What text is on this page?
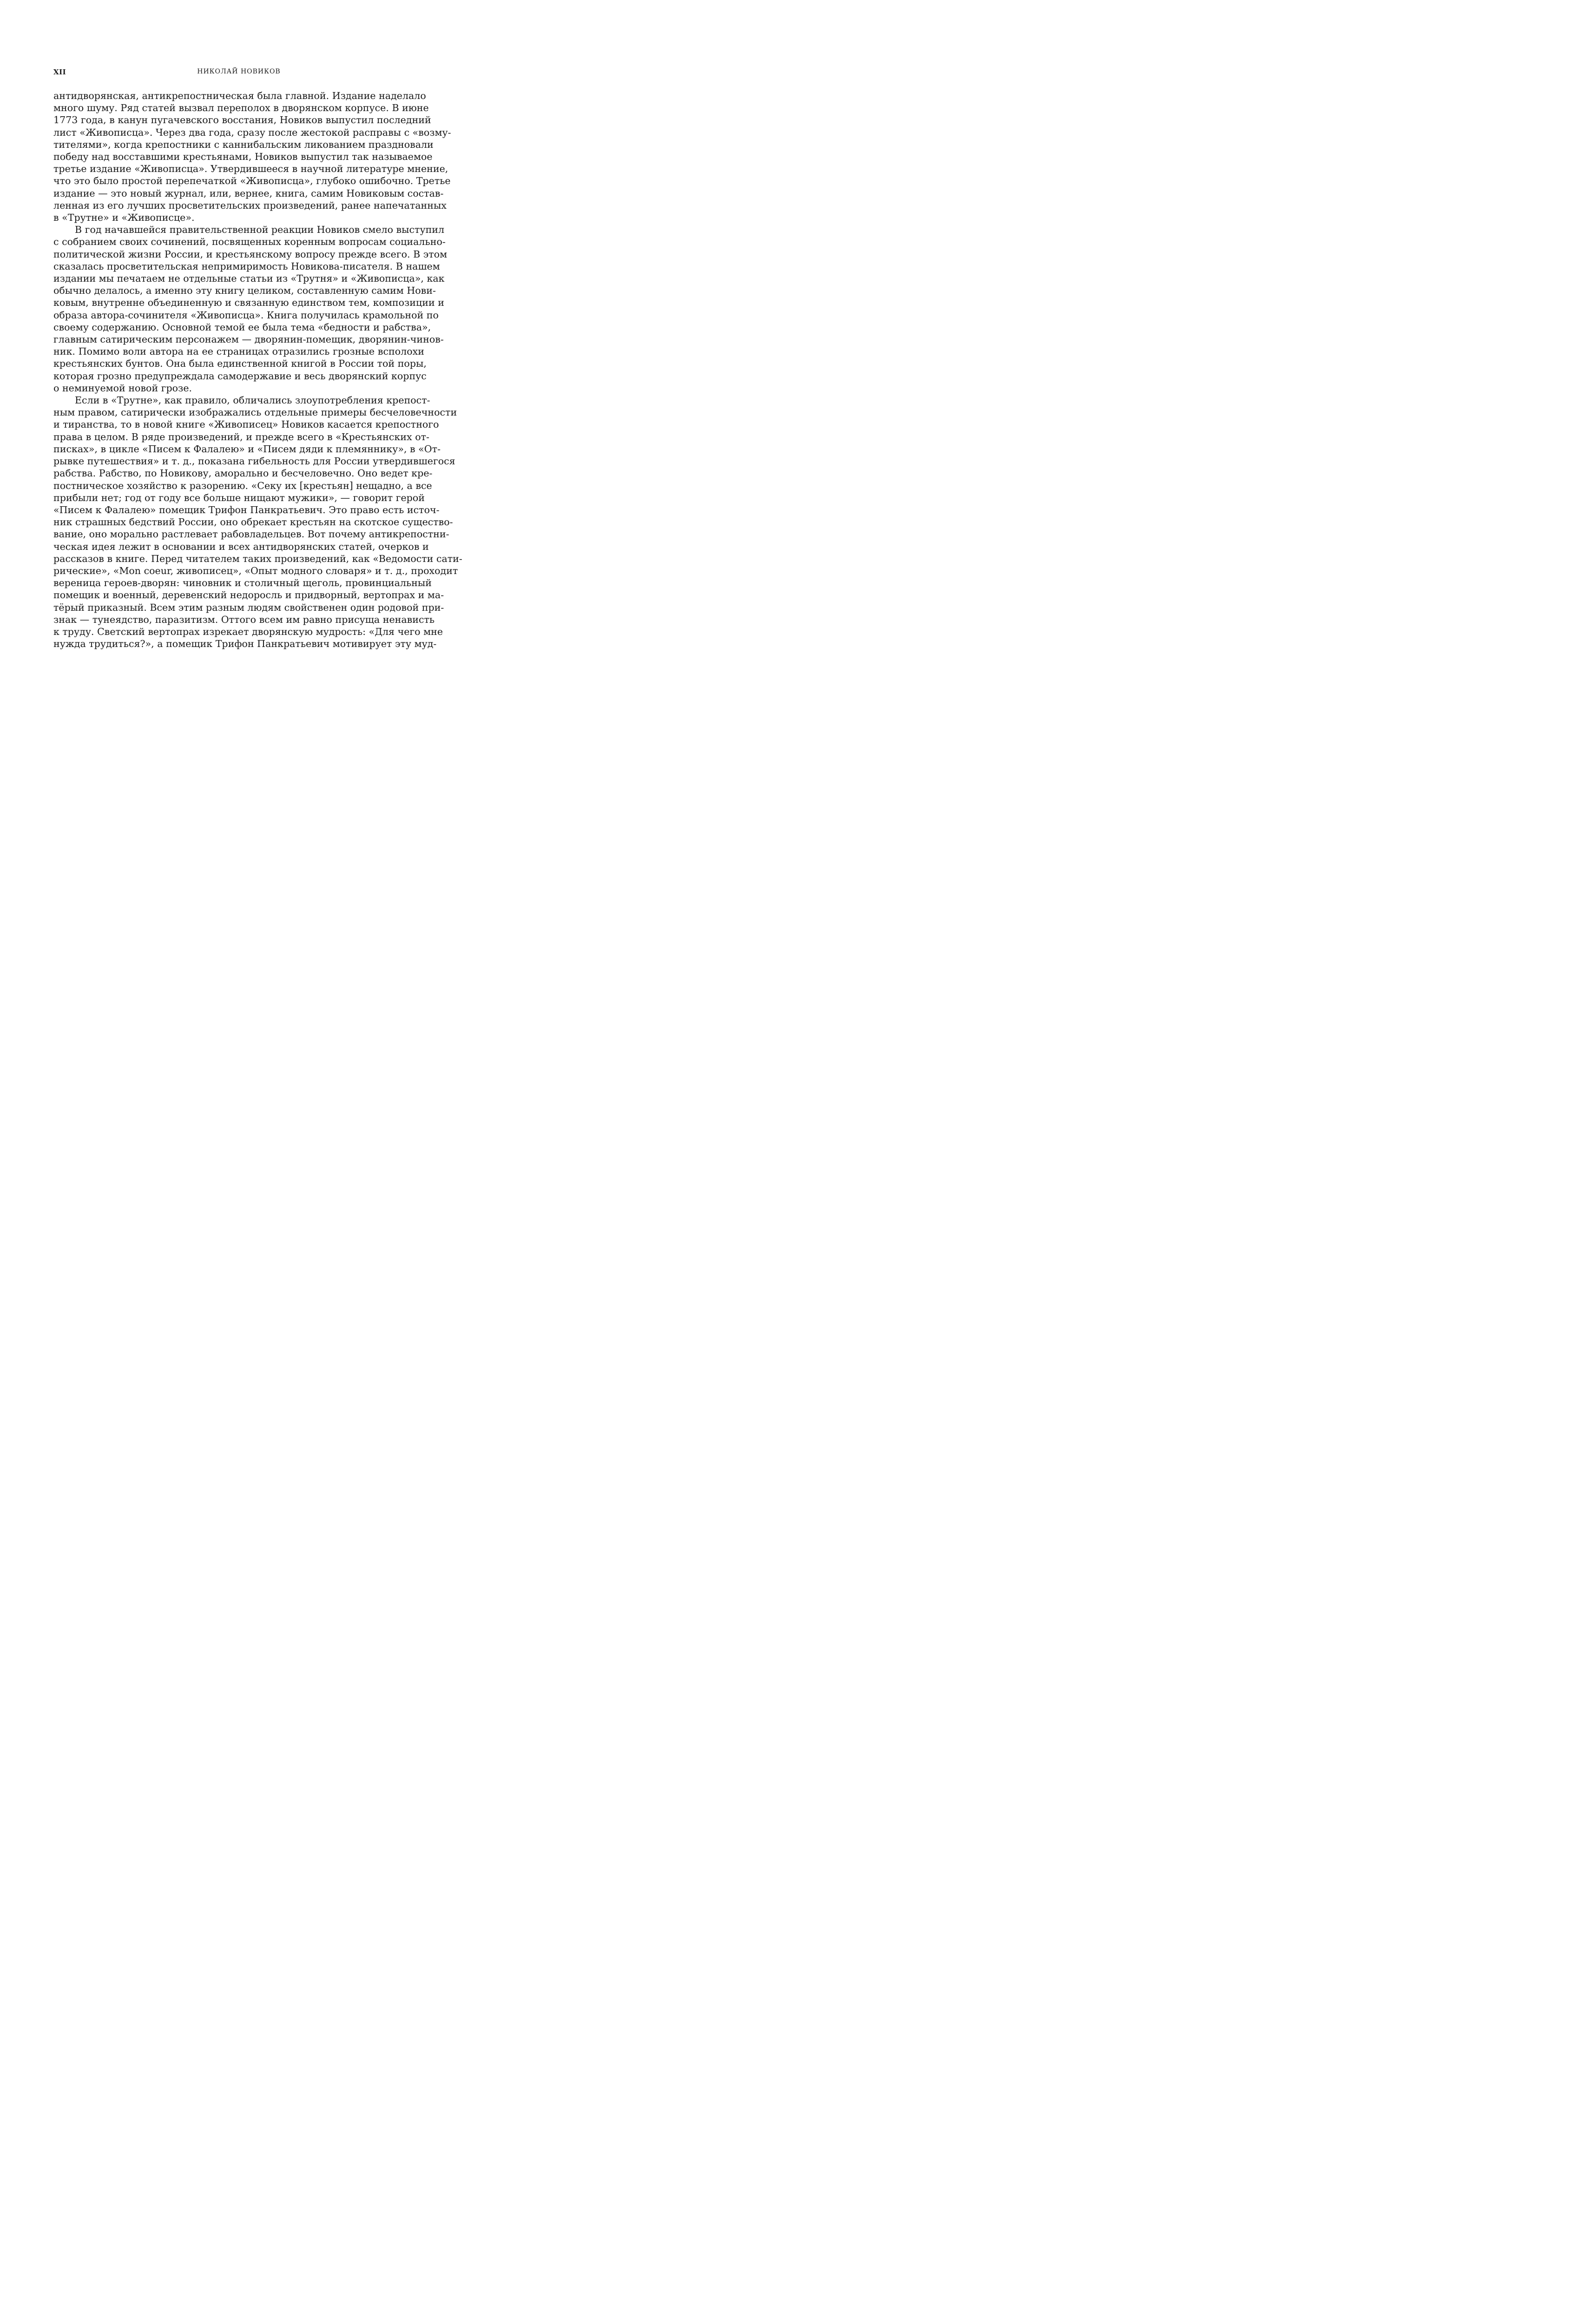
XII	НИКОЛАЙ НОВИКОВ

антидворянская, антикрепостническая была главной. Издание наделало
много шуму. Ряд статей вызвал переполох в дворянском корпусе. В июне
1773 года, в канун пугачевского восстания, Новиков выпустил последний
лист «Живописца». Через два года, сразу после жестокой расправы с «возму-
тителями», когда крепостники с каннибальским ликованием праздновали
победу над восставшими крестьянами, Новиков выпустил так называемое
третье издание «Живописца». Утвердившееся в научной литературе мнение,
что это было простой перепечаткой «Живописца», глубоко ошибочно. Третье
издание — это новый журнал, или, вернее, книга, самим Новиковым состав-
ленная из его лучших просветительских произведений, ранее напечатанных
в «Трутне» и «Живописце».

В год начавшейся правительственной реакции Новиков смело выступил
с собранием своих сочинений, посвященных коренным вопросам социально-
политической жизни России, и крестьянскому вопросу прежде всего. В этом
сказалась просветительская непримиримость Новикова-писателя. В нашем
издании мы печатаем не отдельные статьи из «Трутня» и «Живописца», как
обычно делалось, а именно эту книгу целиком, составленную самим Нови-
ковым, внутренне объединенную и связанную единством тем, композиции и
образа автора-сочинителя «Живописца». Книга получилась крамольной по
своему содержанию. Основной темой ее была тема «бедности и рабства»,
главным сатирическим персонажем — дворянин-помещик, дворянин-чинов-
ник. Помимо воли автора на ее страницах отразились грозные всполохи
крестьянских бунтов. Она была единственной книгой в России той поры,
которая грозно предупреждала самодержавие и весь дворянский корпус
о неминуемой новой грозе.

Если в «Трутне», как правило, обличались злоупотребления крепост-
ным правом, сатирически изображались отдельные примеры бесчеловечности
и тиранства, то в новой книге «Живописец» Новиков касается крепостного
права в целом. В ряде произведений, и прежде всего в «Крестьянских от-
писках», в цикле «Писем к Фалалею» и «Писем дяди к племяннику», в «От-
рывке путешествия» и т. д., показана гибельность для России утвердившегося
рабства. Рабство, по Новикову, аморально и бесчеловечно. Оно ведет кре-
постническое хозяйство к разорению. «Секу их [крестьян] нещадно, а все
прибыли нет; год от году все больше нищают мужики», — говорит герой
«Писем к Фалалею» помещик Трифон Панкратьевич. Это право есть источ-
ник страшных бедствий России, оно обрекает крестьян на скотское существо-
вание, оно морально растлевает рабовладельцев. Вот почему антикрепостни-
ческая идея лежит в основании и всех антидворянских статей, очерков и
рассказов в книге. Перед читателем таких произведений, как «Ведомости сати-
рические», «Mon coeur, живописец», «Опыт модного словаря» и т. д., проходит
вереница героев-дворян: чиновник и столичный щеголь, провинциальный
помещик и военный, деревенский недоросль и придворный, вертопрах и ма-
тёрый приказный. Всем этим разным людям свойственен один родовой при-
знак — тунеядство, паразитизм. Оттого всем им равно присуща ненависть
к труду. Светский вертопрах изрекает дворянскую мудрость: «Для чего мне
нужда трудиться?», а помещик Трифон Панкратьевич мотивирует эту муд-
